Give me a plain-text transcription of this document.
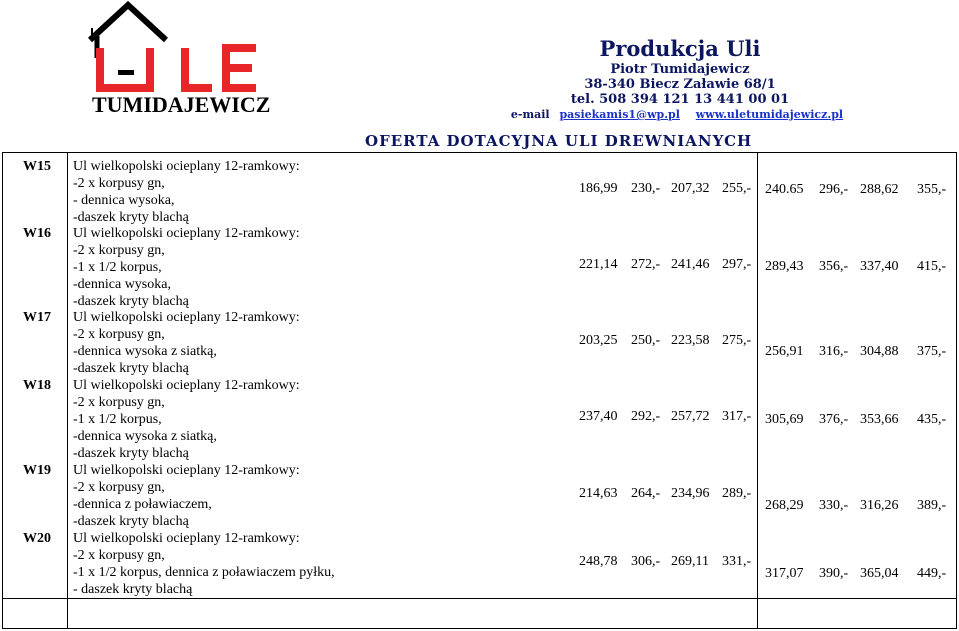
TUMIDAJEWICZ
Produkcja Uli
Piotr Tumidajewicz
38-340 Biecz Załawie 68/1
tel. 508 394 121 13 441 00 01
e-mail pasiekamis1@wp.pl www.uletumidajewicz.pl
OFERTA DOTACYJNA ULI DREWNIANYCH
W15 Ul wielkopolski ocieplany 12-ramkowy:
-2 x korpusy gn,
- dennica wysoka,
-daszek kryty blachą
186,99 230,- 207,32 255,- 240.65 296,- 288,62 355,-
W16 Ul wielkopolski ocieplany 12-ramkowy:
-2 x korpusy gn,
-1 x 1/2 korpus,
-dennica wysoka,
-daszek kryty blachą
221,14 272,- 241,46 297,- 289,43 356,- 337,40 415,-
W17 Ul wielkopolski ocieplany 12-ramkowy:
-2 x korpusy gn,
-dennica wysoka z siatką,
-daszek kryty blachą
203,25 250,- 223,58 275,-
256,91 316,- 304,88 375,-
W18 Ul wielkopolski ocieplany 12-ramkowy:
-2 x korpusy gn,
-1 x 1/2 korpus,
-dennica wysoka z siatką,
-daszek kryty blachą
237,40 292,- 257,72 317,- 305,69 376,- 353,66 435,-
W19 Ul wielkopolski ocieplany 12-ramkowy:
-2 x korpusy gn,
-dennica z poławiaczem,
-daszek kryty blachą
214,63 264,- 234,96 289,-
268,29 330,- 316,26 389,-
W20 Ul wielkopolski ocieplany 12-ramkowy:
-2 x korpusy gn,
-1 x 1/2 korpus, dennica z poławiaczem pyłku,
- daszek kryty blachą
248,78 306,- 269,11 331,-
317,07 390,- 365,04 449,-
